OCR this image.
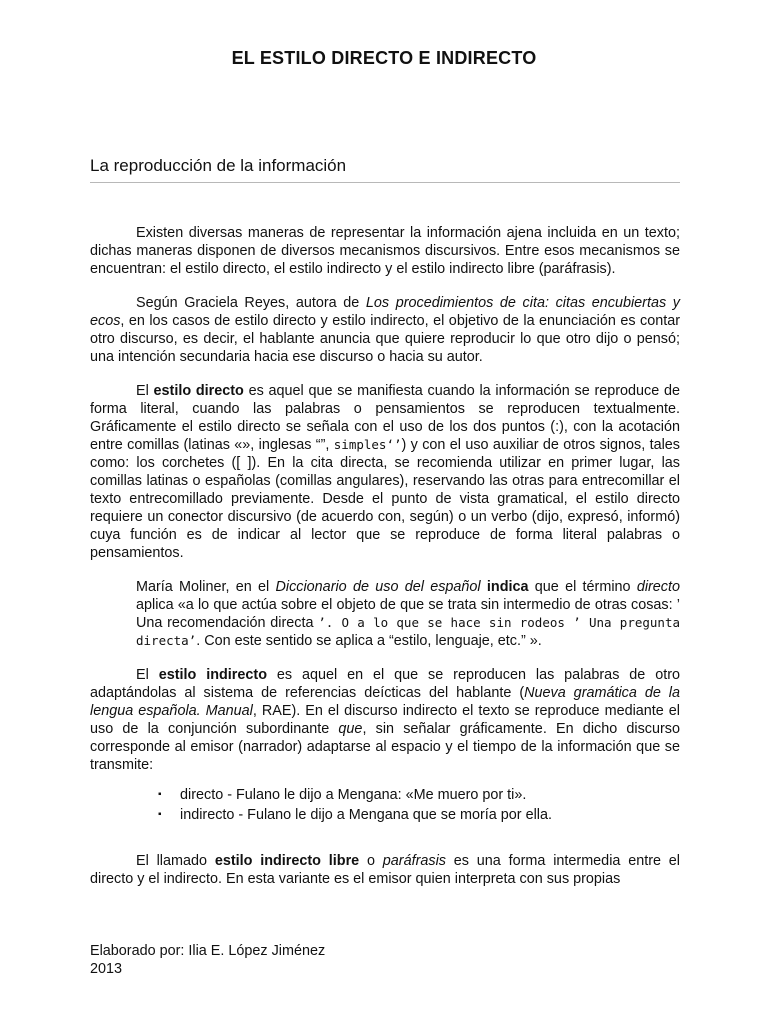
EL ESTILO DIRECTO E INDIRECTO
La reproducción de la información

Existen diversas maneras de representar la información ajena incluida en un texto; dichas maneras disponen de diversos mecanismos discursivos. Entre esos mecanismos se encuentran: el estilo directo, el estilo indirecto y el estilo indirecto libre (paráfrasis).

Según Graciela Reyes, autora de Los procedimientos de cita: citas encubiertas y ecos, en los casos de estilo directo y estilo indirecto, el objetivo de la enunciación es contar otro discurso, es decir, el hablante anuncia que quiere reproducir lo que otro dijo o pensó; una intención secundaria hacia ese discurso o hacia su autor.

El estilo directo es aquel que se manifiesta cuando la información se reproduce de forma literal, cuando las palabras o pensamientos se reproducen textualmente. Gráficamente el estilo directo se señala con el uso de los dos puntos (:), con la acotación entre comillas (latinas «», inglesas “”, simples‘’) y con el uso auxiliar de otros signos, tales como: los corchetes ([ ]). En la cita directa, se recomienda utilizar en primer lugar, las comillas latinas o españolas (comillas angulares), reservando las otras para entrecomillar el texto entrecomillado previamente. Desde el punto de vista gramatical, el estilo directo requiere un conector discursivo (de acuerdo con, según) o un verbo (dijo, expresó, informó) cuya función es de indicar al lector que se reproduce de forma literal palabras o pensamientos.

María Moliner, en el Diccionario de uso del español indica que el término directo aplica «a lo que actúa sobre el objeto de que se trata sin intermedio de otras cosas: ’ Una recomendación directa ’. O a lo que se hace sin rodeos ’ Una pregunta directa’. Con este sentido se aplica a “estilo, lenguaje, etc.” ».

El estilo indirecto es aquel en el que se reproducen las palabras de otro adaptándolas al sistema de referencias deícticas del hablante (Nueva gramática de la lengua española. Manual, RAE). En el discurso indirecto el texto se reproduce mediante el uso de la conjunción subordinante que, sin señalar gráficamente. En dicho discurso corresponde al emisor (narrador) adaptarse al espacio y el tiempo de la información que se transmite:

▪ directo - Fulano le dijo a Mengana: «Me muero por ti».
▪ indirecto - Fulano le dijo a Mengana que se moría por ella.

El llamado estilo indirecto libre o paráfrasis es una forma intermedia entre el directo y el indirecto. En esta variante es el emisor quien interpreta con sus propias

Elaborado por: Ilia E. López Jiménez
2013
